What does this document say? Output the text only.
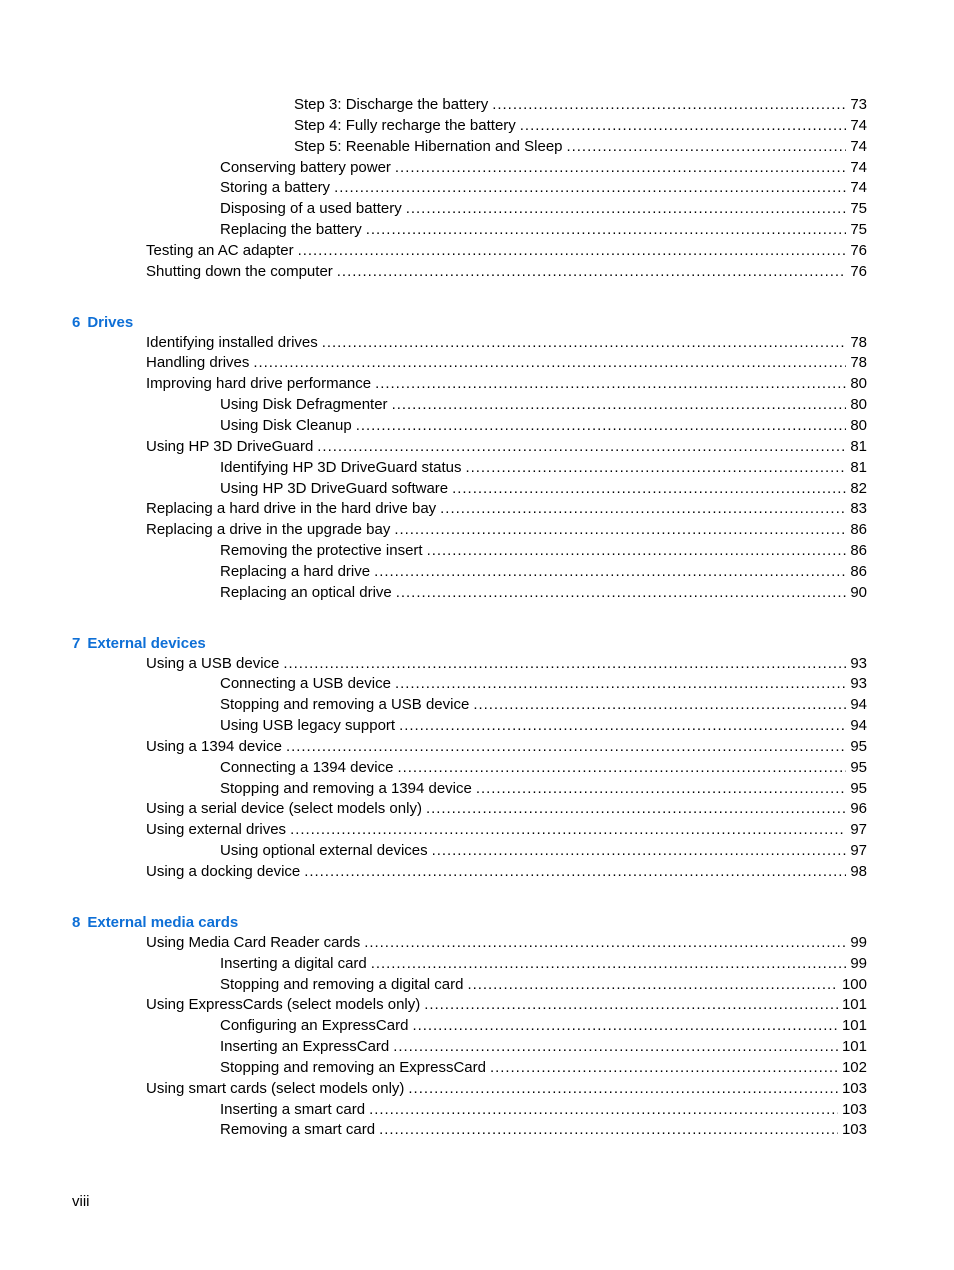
Step 3: Discharge the battery . . .	73
Step 4: Fully recharge the battery . . .	74
Step 5: Reenable Hibernation and Sleep . . .	74
Conserving battery power . . .	74
Storing a battery . . .	74
Disposing of a used battery . . .	75
Replacing the battery . . .	75
Testing an AC adapter . . .	76
Shutting down the computer . . .	76
6 Drives
Identifying installed drives . . .	78
Handling drives . . .	78
Improving hard drive performance . . .	80
Using Disk Defragmenter . . .	80
Using Disk Cleanup . . .	80
Using HP 3D DriveGuard . . .	81
Identifying HP 3D DriveGuard status . . .	81
Using HP 3D DriveGuard software . . .	82
Replacing a hard drive in the hard drive bay . . .	83
Replacing a drive in the upgrade bay . . .	86
Removing the protective insert . . .	86
Replacing a hard drive . . .	86
Replacing an optical drive . . .	90
7 External devices
Using a USB device . . .	93
Connecting a USB device . . .	93
Stopping and removing a USB device . . .	94
Using USB legacy support . . .	94
Using a 1394 device . . .	95
Connecting a 1394 device . . .	95
Stopping and removing a 1394 device . . .	95
Using a serial device (select models only) . . .	96
Using external drives . . .	97
Using optional external devices . . .	97
Using a docking device . . .	98
8 External media cards
Using Media Card Reader cards . . .	99
Inserting a digital card . . .	99
Stopping and removing a digital card . . .	100
Using ExpressCards (select models only) . . .	101
Configuring an ExpressCard . . .	101
Inserting an ExpressCard . . .	101
Stopping and removing an ExpressCard . . .	102
Using smart cards (select models only) . . .	103
Inserting a smart card . . .	103
Removing a smart card . . .	103
viii
